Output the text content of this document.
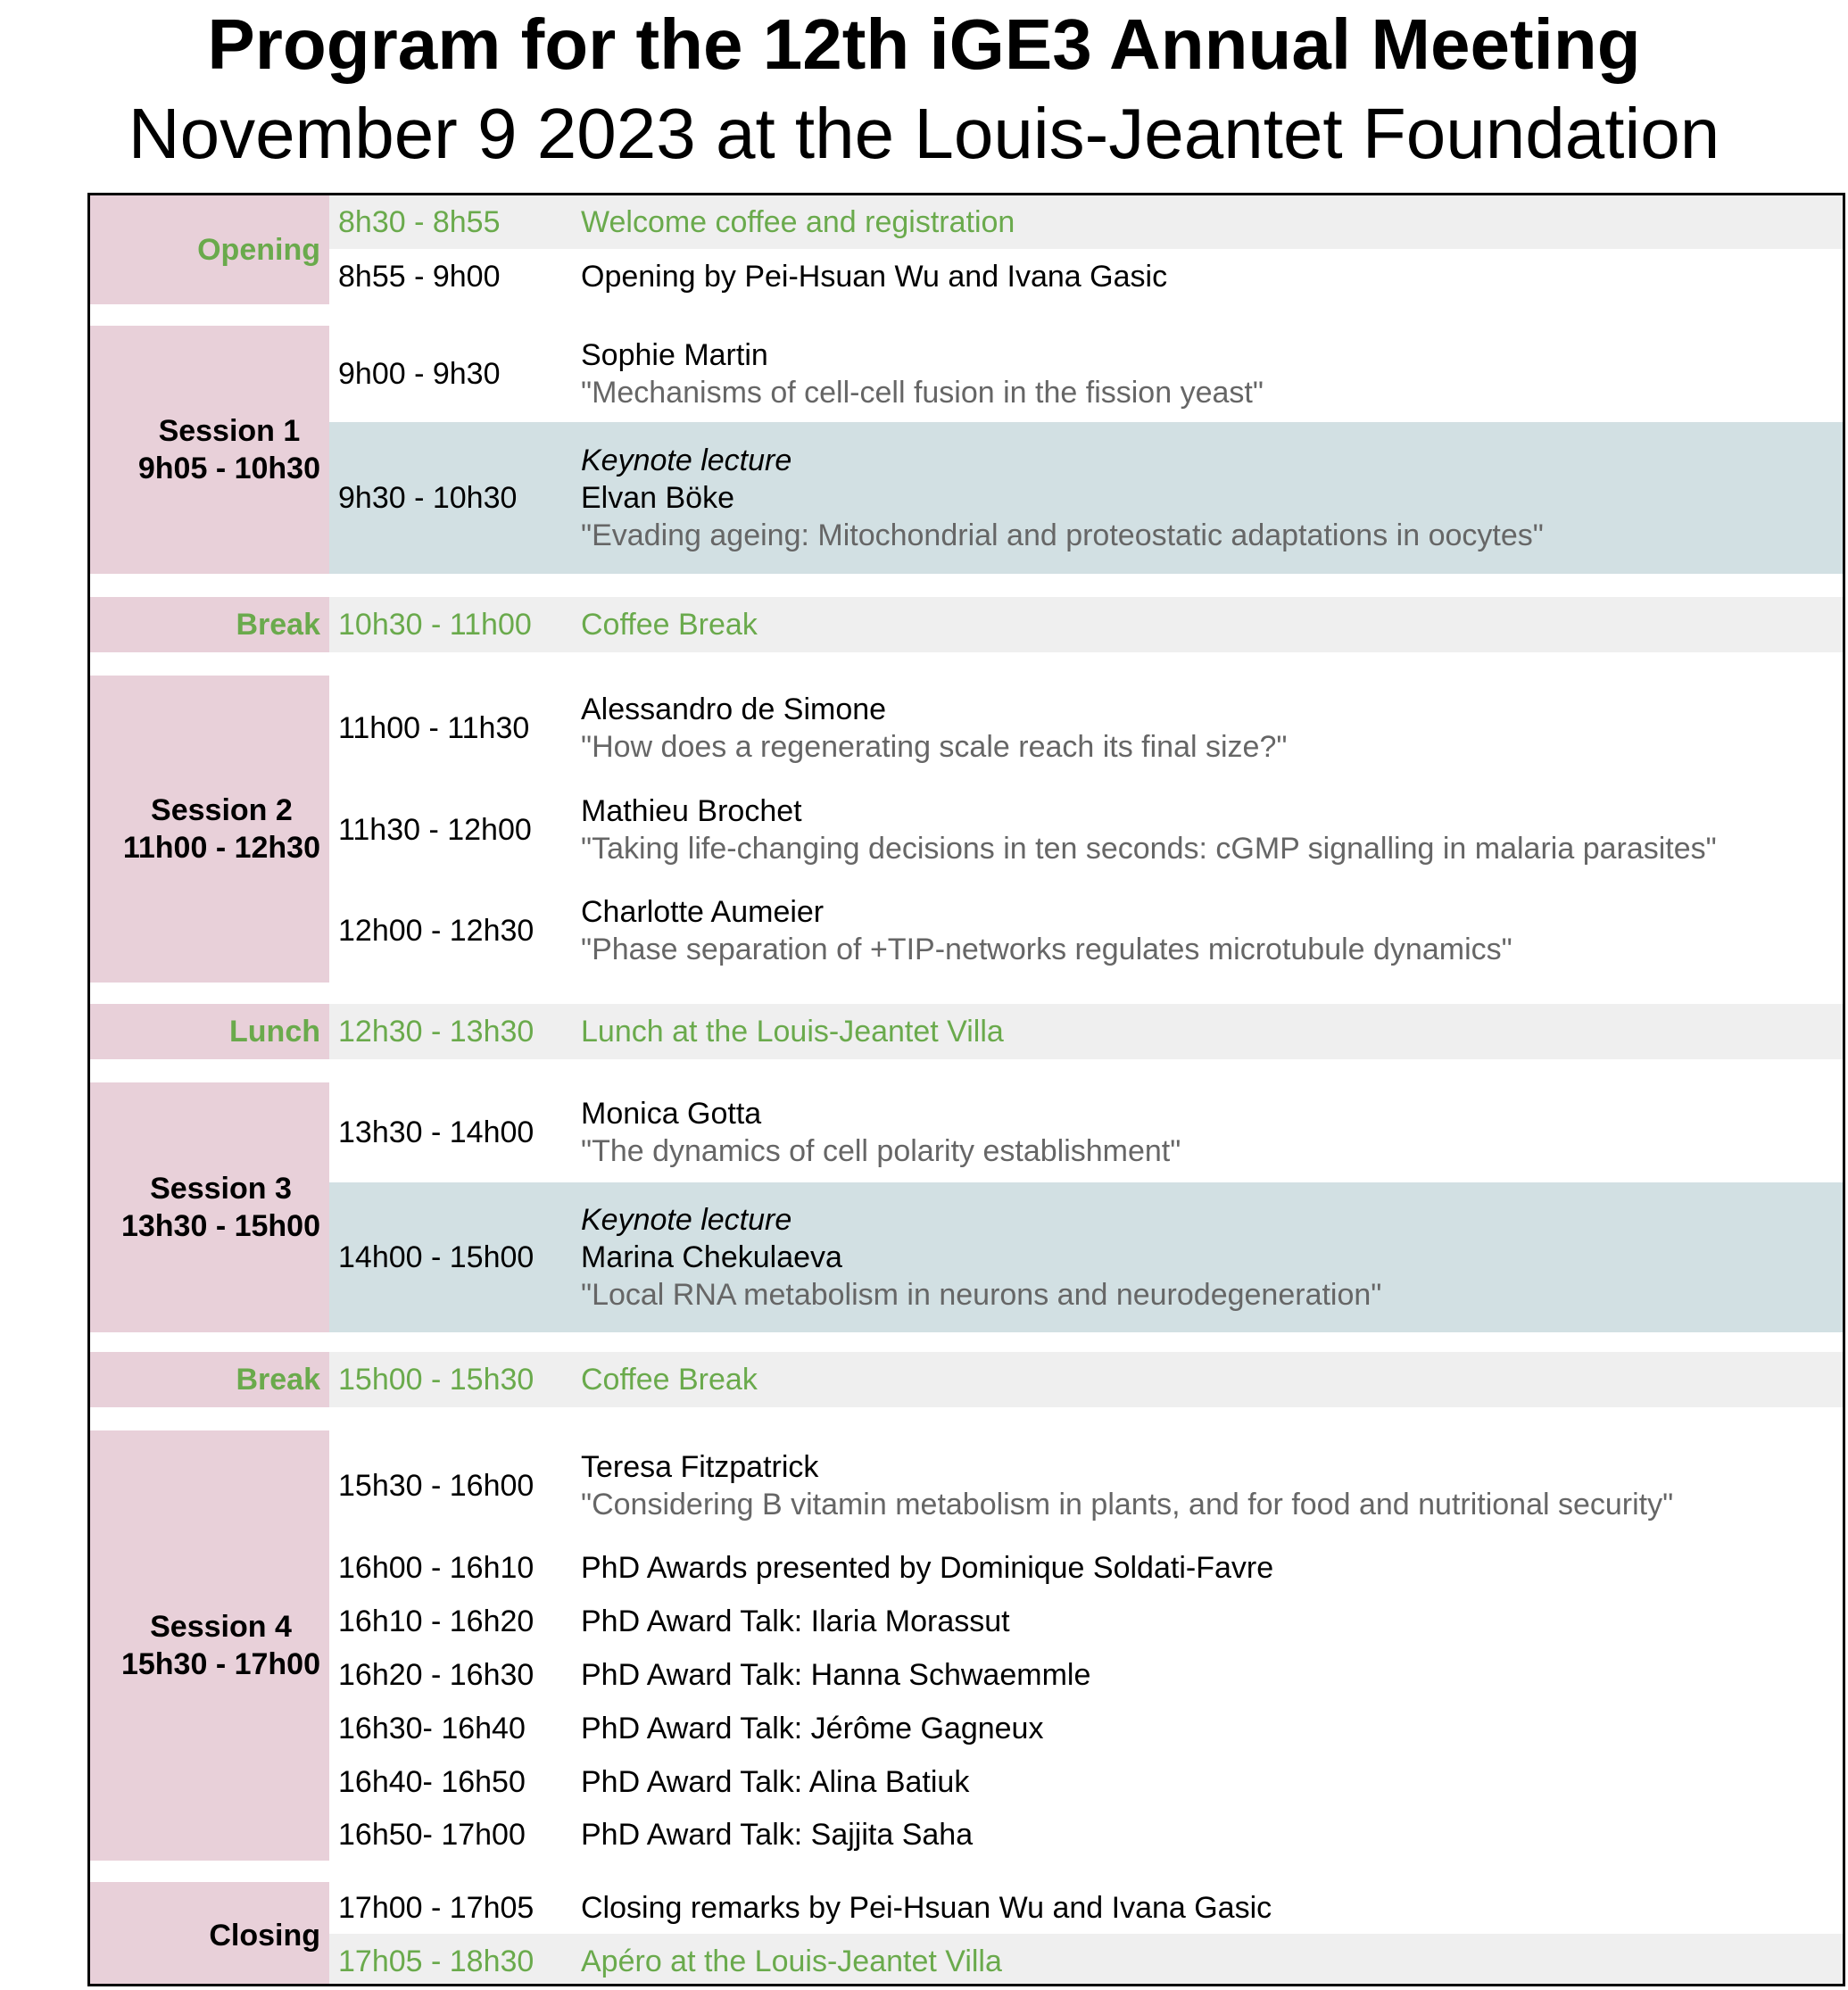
Program for the 12th iGE3 Annual Meeting
November 9 2023 at the Louis-Jeantet Foundation
Opening
8h30 - 8h55	Welcome coffee and registration
8h55 - 9h00	Opening by Pei-Hsuan Wu and Ivana Gasic
Session 1
9h05 - 10h30
9h00 - 9h30
Sophie Martin
"Mechanisms of cell-cell fusion in the fission yeast"
9h30 - 10h30
Keynote lecture
Elvan Böke
"Evading ageing: Mitochondrial and proteostatic adaptations in oocytes"
Break 10h30 - 11h00 Coffee Break
Session 2
11h00 - 12h30
11h00 - 11h30
Alessandro de Simone
"How does a regenerating scale reach its final size?"
11h30 - 12h00
Mathieu Brochet
"Taking life-changing decisions in ten seconds: cGMP signalling in malaria parasites"
12h00 - 12h30
Charlotte Aumeier
"Phase separation of +TIP-networks regulates microtubule dynamics"
Lunch 12h30 - 13h30 Lunch at the Louis-Jeantet Villa
Session 3
13h30 - 15h00
13h30 - 14h00
Monica Gotta
"The dynamics of cell polarity establishment"
14h00 - 15h00
Keynote lecture
Marina Chekulaeva
"Local RNA metabolism in neurons and neurodegeneration"
Break 15h00 - 15h30 Coffee Break
Session 4
15h30 - 17h00
15h30 - 16h00
Teresa Fitzpatrick
"Considering B vitamin metabolism in plants, and for food and nutritional security"
16h00 - 16h10 PhD Awards presented by Dominique Soldati-Favre
16h10 - 16h20 PhD Award Talk: Ilaria Morassut
16h20 - 16h30 PhD Award Talk: Hanna Schwaemmle
16h30- 16h40 PhD Award Talk: Jérôme Gagneux
16h40- 16h50 PhD Award Talk: Alina Batiuk
16h50- 17h00 PhD Award Talk: Sajjita Saha
Closing
17h00 - 17h05 Closing remarks by Pei-Hsuan Wu and Ivana Gasic
17h05 - 18h30 Apéro at the Louis-Jeantet Villa
